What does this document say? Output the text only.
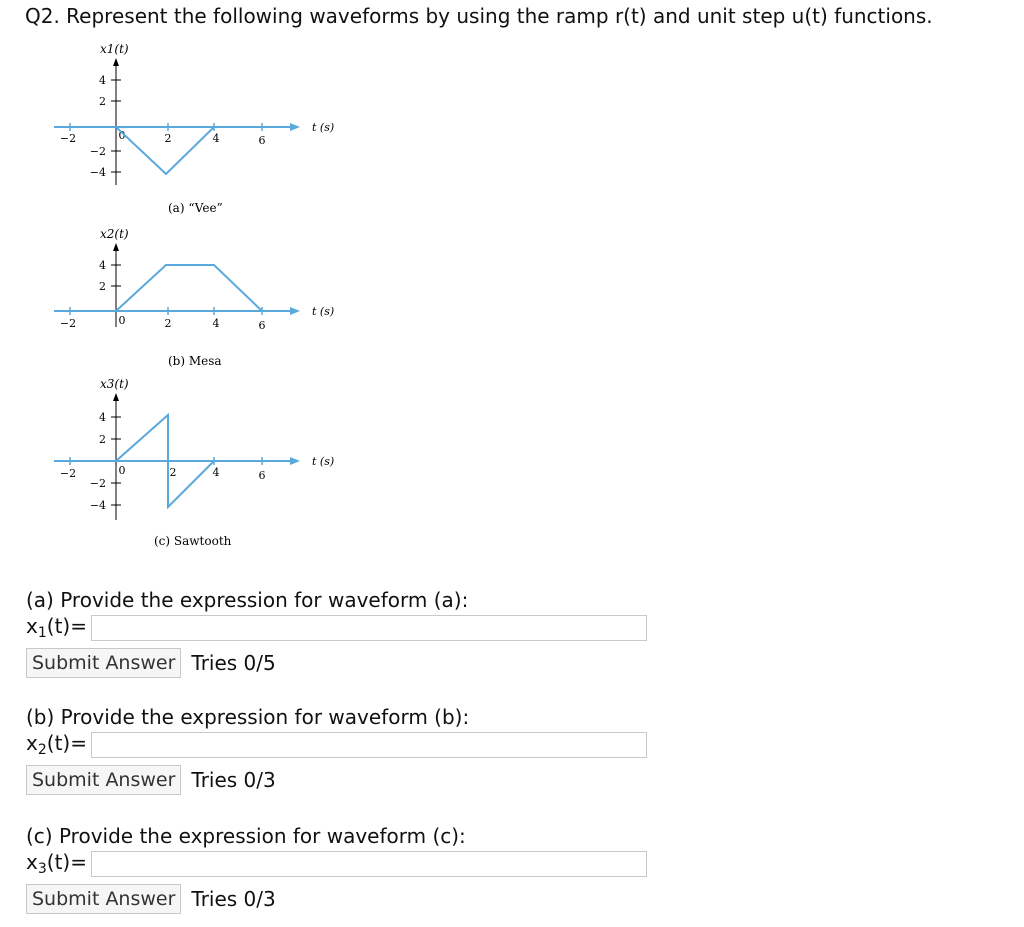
Q2. Represent the following waveforms by using the ramp r(t) and unit step u(t) functions.
x1(t)
4
2
−2
−4
−2	0	2	4	6
t (s)
(a) “Vee”
x2(t)
4
2
−2	0	2	4	6
t (s)
(b) Mesa
x3(t)
4
2
−2
−4
−2	0	2	4	6
t (s)
(c) Sawtooth
(a) Provide the expression for waveform (a):
$x_1(t)=$
Submit Answer Tries 0/5
(b) Provide the expression for waveform (b):
$x_2(t)=$
Submit Answer Tries 0/3
(c) Provide the expression for waveform (c):
$x_3(t)=$
Submit Answer Tries 0/3
